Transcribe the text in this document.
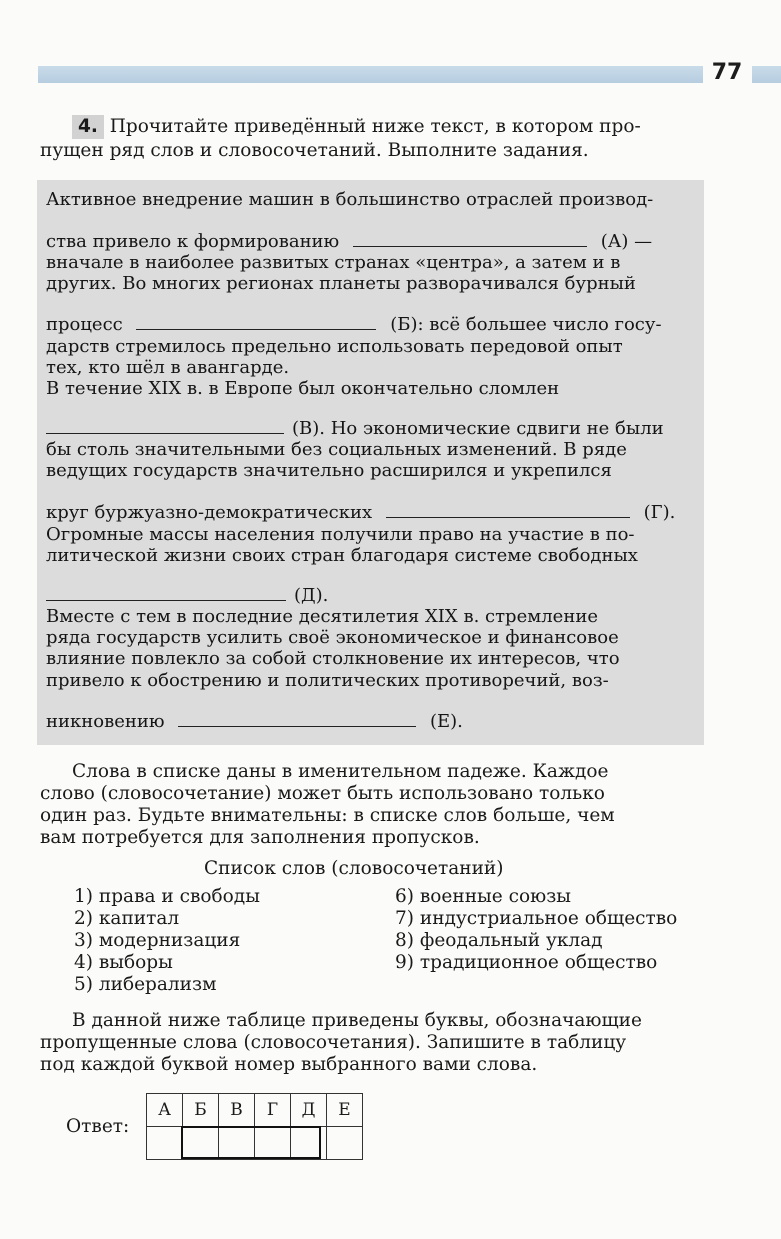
77
4. Прочитайте приведённый ниже текст, в котором про-
пущен ряд слов и словосочетаний. Выполните задания.
Активное внедрение машин в большинство отраслей производ-
ства привело к формированию	(А) —
вначале в наиболее развитых странах «центра», а затем и в
других. Во многих регионах планеты разворачивался бурный
процесс	(Б): всё большее число госу-
дарств стремилось предельно использовать передовой опыт
тех, кто шёл в авангарде.
В течение XIX в. в Европе был окончательно сломлен
(В). Но экономические сдвиги не были
бы столь значительными без социальных изменений. В ряде
ведущих государств значительно расширился и укрепился
круг буржуазно-демократических	(Г).
Огромные массы населения получили право на участие в по-
литической жизни своих стран благодаря системе свободных
(Д).
Вместе с тем в последние десятилетия XIX в. стремление
ряда государств усилить своё экономическое и финансовое
влияние повлекло за собой столкновение их интересов, что
привело к обострению и политических противоречий, воз-
никновению	(Е).
Слова в списке даны в именительном падеже. Каждое
слово (словосочетание) может быть использовано только
один раз. Будьте внимательны: в списке слов больше, чем
вам потребуется для заполнения пропусков.
Список слов (словосочетаний)
1) права и свободы
2) капитал
3) модернизация
4) выборы
5) либерализм
6) военные союзы
7) индустриальное общество
8) феодальный уклад
9) традиционное общество
В данной ниже таблице приведены буквы, обозначающие
пропущенные слова (словосочетания). Запишите в таблицу
под каждой буквой номер выбранного вами слова.
Ответ:
А	Б	В	Г	Д	Е
